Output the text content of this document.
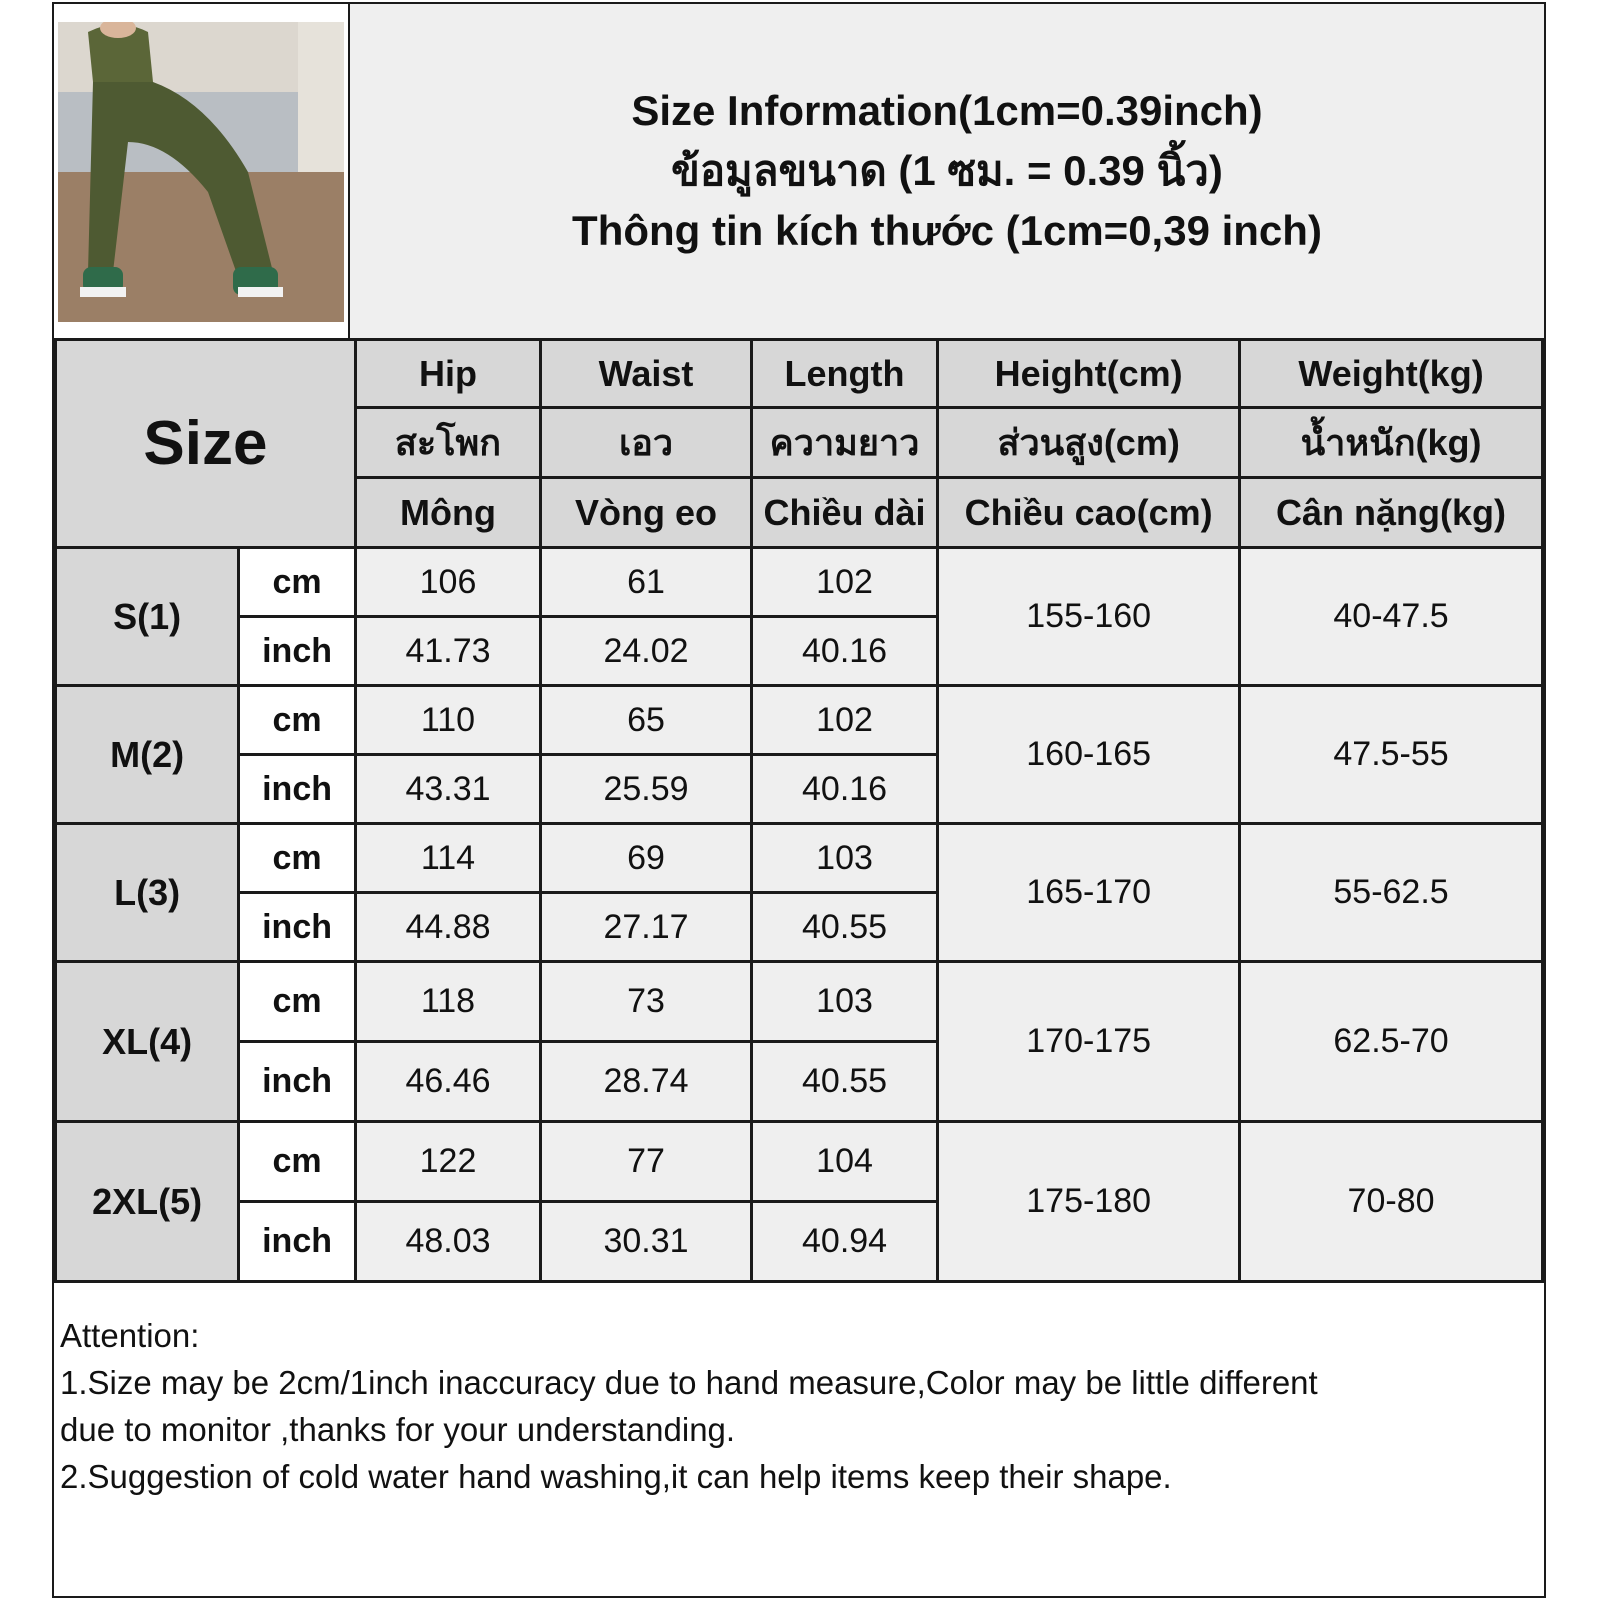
Size Information(1cm=0.39inch)
ข้อมูลขนาด (1 ซม. = 0.39 นิ้ว)
Thông tin kích thước (1cm=0,39 inch)
Size		Hip	Waist	Length	Height(cm)	Weight(kg)
		สะโพก	เอว	ความยาว	ส่วนสูง(cm)	น้ำหนัก(kg)
		Mông	Vòng eo	Chiều dài	Chiều cao(cm)	Cân nặng(kg)
S(1)	cm	106	61	102	155-160	40-47.5
	inch	41.73	24.02	40.16		
M(2)	cm	110	65	102	160-165	47.5-55
	inch	43.31	25.59	40.16		
L(3)	cm	114	69	103	165-170	55-62.5
	inch	44.88	27.17	40.55		
XL(4)	cm	118	73	103	170-175	62.5-70
	inch	46.46	28.74	40.55		
2XL(5)	cm	122	77	104	175-180	70-80
	inch	48.03	30.31	40.94		
Attention:
1.Size may be 2cm/1inch inaccuracy due to hand measure,Color may be little different
due to monitor ,thanks for your understanding.
2.Suggestion of cold water hand washing,it can help items keep their shape.
